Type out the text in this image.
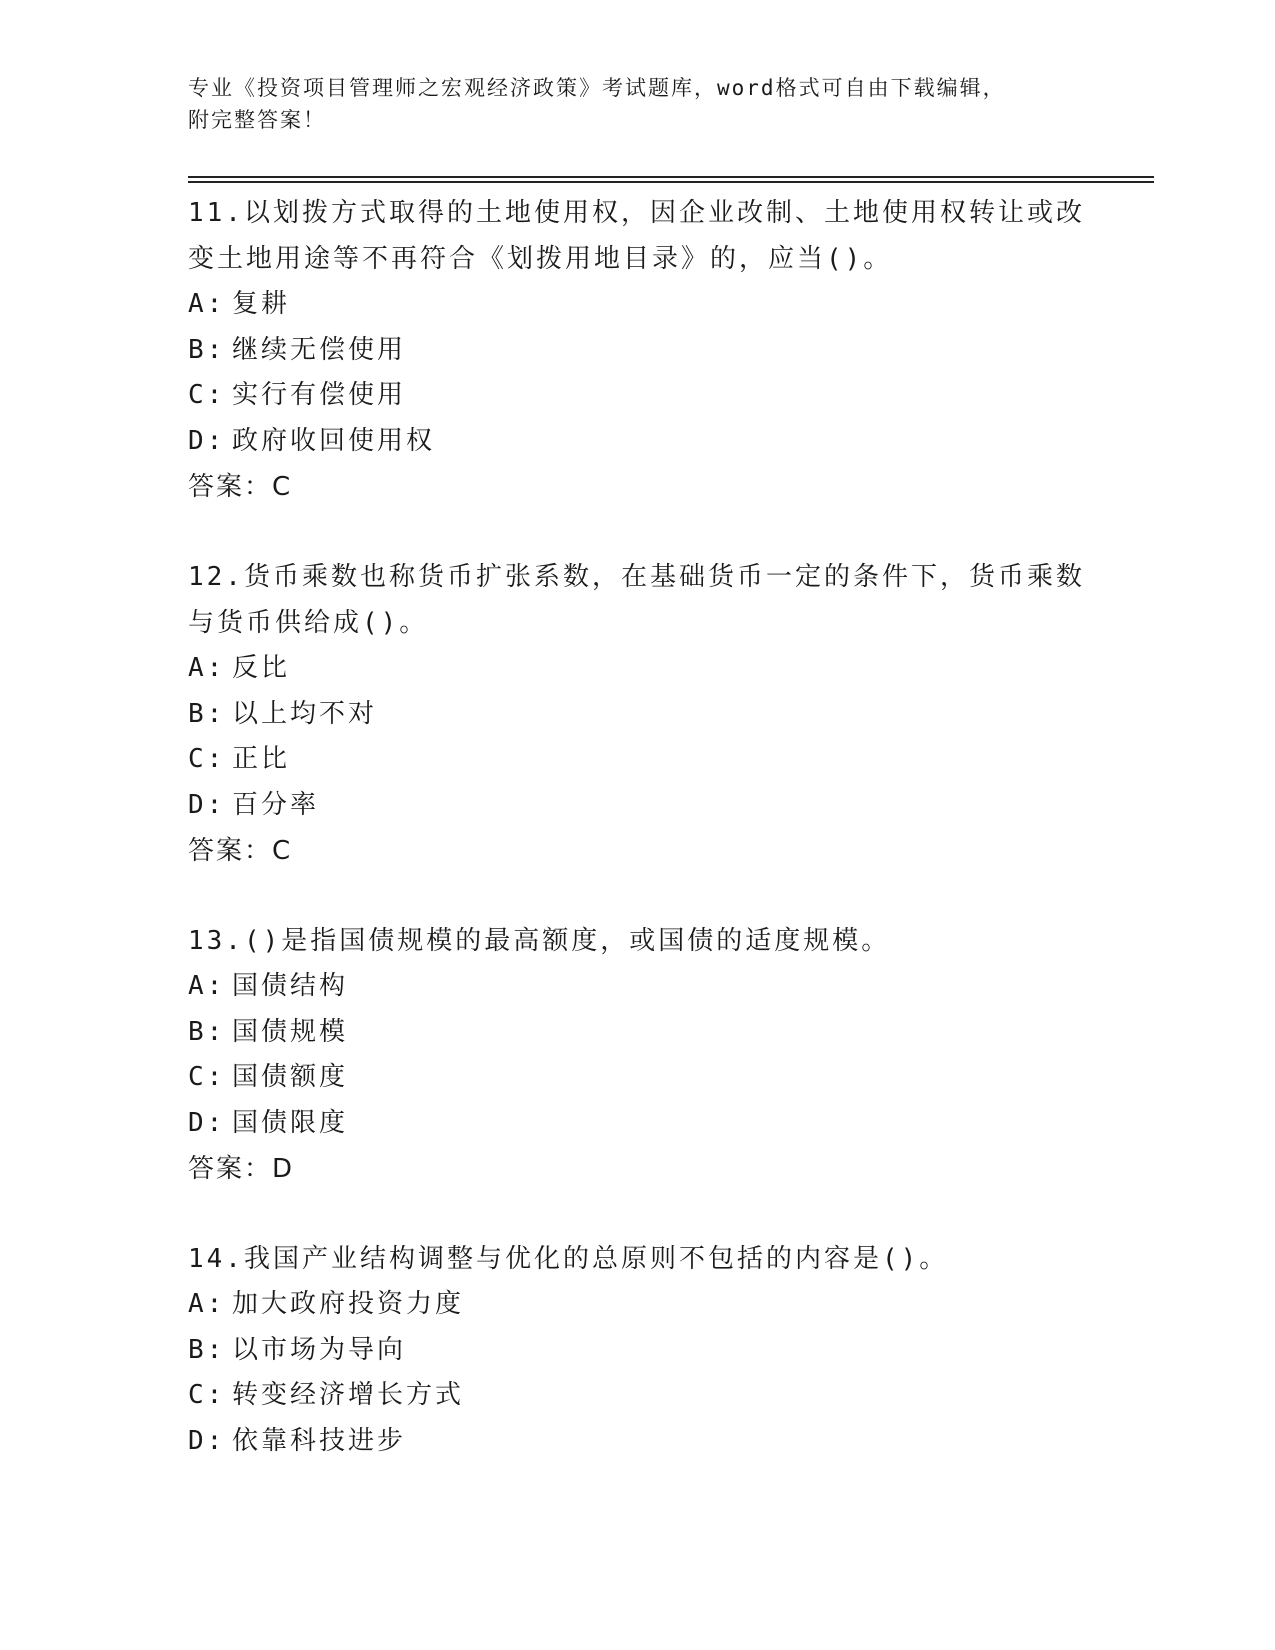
专业《投资项目管理师之宏观经济政策》考试题库，word格式可自由下载编辑，
附完整答案！

11.以划拨方式取得的土地使用权，因企业改制、土地使用权转让或改变土地用途等不再符合《划拨用地目录》的，应当()。

A: 复耕

B: 继续无偿使用

C: 实行有偿使用

D: 政府收回使用权

答案：C

12.货币乘数也称货币扩张系数，在基础货币一定的条件下，货币乘数与货币供给成()。

A: 反比

B: 以上均不对

C: 正比

D: 百分率

答案：C

13.()是指国债规模的最高额度，或国债的适度规模。

A: 国债结构

B: 国债规模

C: 国债额度

D: 国债限度

答案：D

14.我国产业结构调整与优化的总原则不包括的内容是()。

A: 加大政府投资力度

B: 以市场为导向

C: 转变经济增长方式

D: 依靠科技进步
